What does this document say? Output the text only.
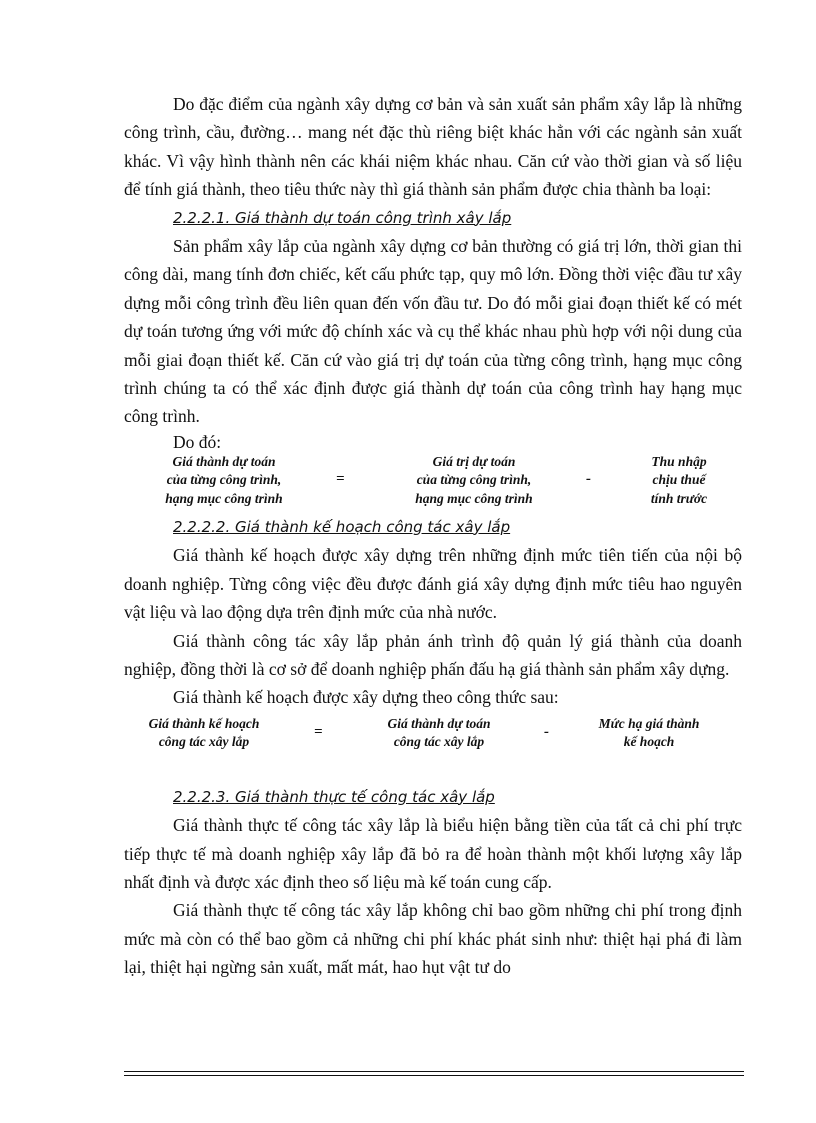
Do đặc điểm của ngành xây dựng cơ bản và sản xuất sản phẩm xây lắp là những công trình, cầu, đường… mang nét đặc thù riêng biệt khác hẳn với các ngành sản xuất khác. Vì vậy hình thành nên các khái niệm khác nhau. Căn cứ vào thời gian và số liệu để tính giá thành, theo tiêu thức này thì giá thành sản phẩm được chia thành ba loại:

2.2.2.1. Giá thành dự toán công trình xây lắp

Sản phẩm xây lắp của ngành xây dựng cơ bản thường có giá trị lớn, thời gian thi công dài, mang tính đơn chiếc, kết cấu phức tạp, quy mô lớn. Đồng thời việc đầu tư xây dựng mỗi công trình đều liên quan đến vốn đầu tư. Do đó mỗi giai đoạn thiết kế có mét dự toán tương ứng với mức độ chính xác và cụ thể khác nhau phù hợp với nội dung của mỗi giai đoạn thiết kế. Căn cứ vào giá trị dự toán của từng công trình, hạng mục công trình chúng ta có thể xác định được giá thành dự toán của công trình hay hạng mục công trình.

Do đó:

Giá thành dự toán
của từng công trình,
hạng mục công trình
=
Giá trị dự toán
của từng công trình,
hạng mục công trình
-
Thu nhập
chịu thuế
tính trước

2.2.2.2. Giá thành kế hoạch công tác xây lắp

Giá thành kế hoạch được xây dựng trên những định mức tiên tiến của nội bộ doanh nghiệp. Từng công việc đều được đánh giá xây dựng định mức tiêu hao nguyên vật liệu và lao động dựa trên định mức của nhà nước.

Giá thành công tác xây lắp phản ánh trình độ quản lý giá thành của doanh nghiệp, đồng thời là cơ sở để doanh nghiệp phấn đấu hạ giá thành sản phẩm xây dựng.

Giá thành kế hoạch được xây dựng theo công thức sau:

Giá thành kế hoạch
công tác xây lắp
=
Giá thành dự toán
công tác xây lắp
-
Mức hạ giá thành
kế hoạch

2.2.2.3. Giá thành thực tế công tác xây lắp

Giá thành thực tế công tác xây lắp là biểu hiện bằng tiền của tất cả chi phí trực tiếp thực tế mà doanh nghiệp xây lắp đã bỏ ra để hoàn thành một khối lượng xây lắp nhất định và được xác định theo số liệu mà kế toán cung cấp.

Giá thành thực tế công tác xây lắp không chỉ bao gồm những chi phí trong định mức mà còn có thể bao gồm cả những chi phí khác phát sinh như: thiệt hại phá đi làm lại, thiệt hại ngừng sản xuất, mất mát, hao hụt vật tư do
